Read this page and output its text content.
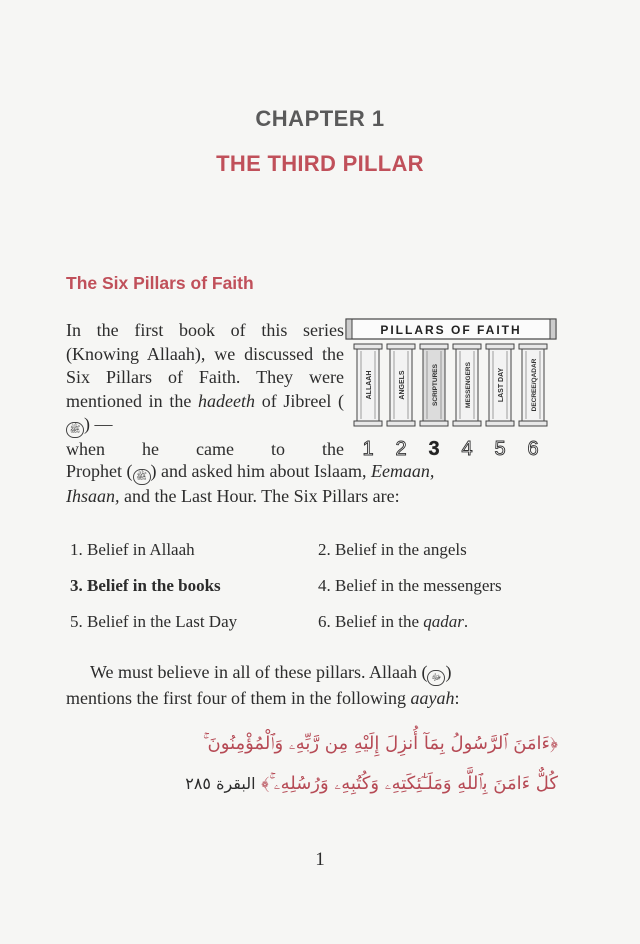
CHAPTER 1
THE THIRD PILLAR
The Six Pillars of Faith
In the first book of this series (Knowing Allaah), we discussed the Six Pillars of Faith. They were mentioned in the hadeeth of Jibreel (ﷺ ) —
when he came to the
Prophet ( ﷺ ) and asked him about Islaam, Eemaan,
Ihsaan, and the Last Hour. The Six Pillars are:
PILLARS OF FAITH
ALLAAH	ANGELS	SCRIPTURES	MESSENGERS	LAST DAY	DECREE/QADAR
1 2 3 4 5 6
1. Belief in Allaah	2. Belief in the angels
3. Belief in the books	4. Belief in the messengers
5. Belief in the Last Day	6. Belief in the qadar.
We must believe in all of these pillars. Allaah ( ﷻ )
mentions the first four of them in the following aayah:
﴿ءَامَنَ ٱلرَّسُولُ بِمَآ أُنزِلَ إِلَيْهِ مِن رَّبِّهِۦ وَٱلْمُؤْمِنُونَ ۚ
كُلٌّ ءَامَنَ بِٱللَّهِ وَمَلَـٰٓئِكَتِهِۦ وَكُتُبِهِۦ وَرُسُلِهِۦ ۚ﴾ البقرة ٢٨٥
1
